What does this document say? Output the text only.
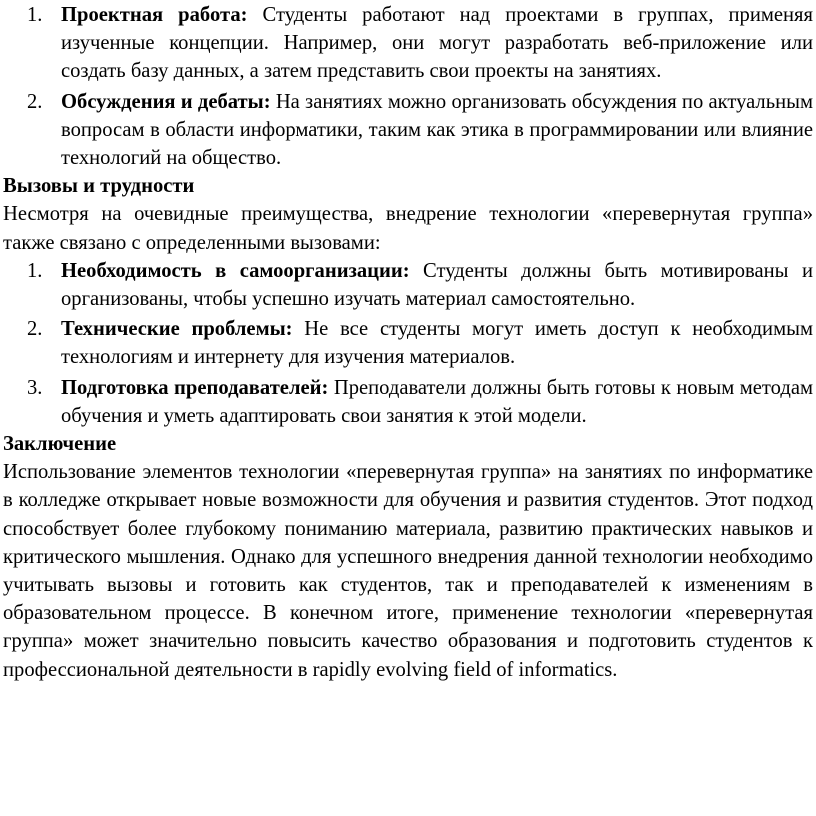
1. Проектная работа: Студенты работают над проектами в группах, применяя изученные концепции. Например, они могут разработать веб-приложение или создать базу данных, а затем представить свои проекты на занятиях.
2. Обсуждения и дебаты: На занятиях можно организовать обсуждения по актуальным вопросам в области информатики, таким как этика в программировании или влияние технологий на общество.
Вызовы и трудности

Несмотря на очевидные преимущества, внедрение технологии «перевернутая группа» также связано с определенными вызовами:

1. Необходимость в самоорганизации: Студенты должны быть мотивированы и организованы, чтобы успешно изучать материал самостоятельно.
2. Технические проблемы: Не все студенты могут иметь доступ к необходимым технологиям и интернету для изучения материалов.
3. Подготовка преподавателей: Преподаватели должны быть готовы к новым методам обучения и уметь адаптировать свои занятия к этой модели.
Заключение

Использование элементов технологии «перевернутая группа» на занятиях по информатике в колледже открывает новые возможности для обучения и развития студентов. Этот подход способствует более глубокому пониманию материала, развитию практических навыков и критического мышления. Однако для успешного внедрения данной технологии необходимо учитывать вызовы и готовить как студентов, так и преподавателей к изменениям в образовательном процессе. В конечном итоге, применение технологии «перевернутая группа» может значительно повысить качество образования и подготовить студентов к профессиональной деятельности в rapidly evolving field of informatics.
